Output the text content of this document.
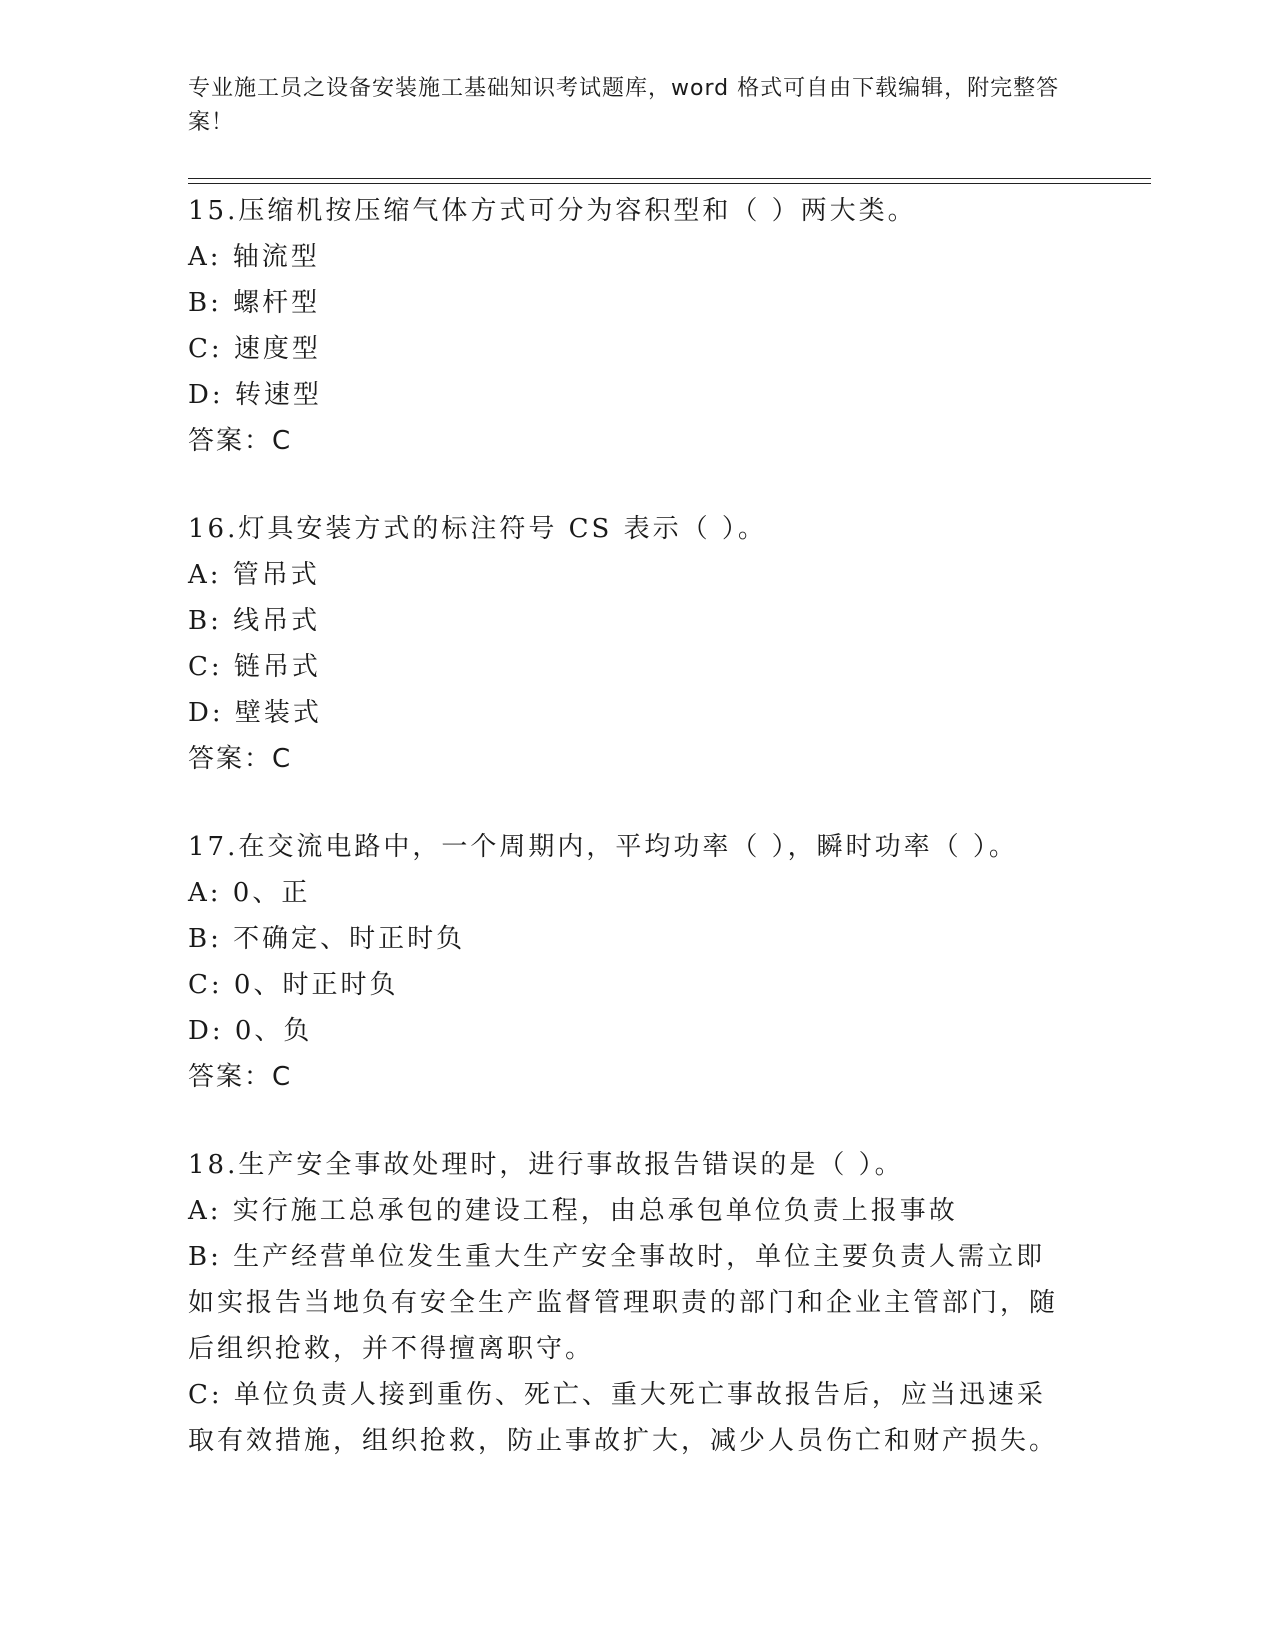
专业施工员之设备安装施工基础知识考试题库，word 格式可自由下载编辑，附完整答案！
15.压缩机按压缩气体方式可分为容积型和（ ）两大类。
A: 轴流型
B: 螺杆型
C: 速度型
D: 转速型
答案：C
16.灯具安装方式的标注符号 CS 表示（ ）。
A: 管吊式
B: 线吊式
C: 链吊式
D: 壁装式
答案：C
17.在交流电路中，一个周期内，平均功率（ ），瞬时功率（ ）。
A: 0、正
B: 不确定、时正时负
C: 0、时正时负
D: 0、负
答案：C
18.生产安全事故处理时，进行事故报告错误的是（ ）。
A: 实行施工总承包的建设工程，由总承包单位负责上报事故
B: 生产经营单位发生重大生产安全事故时，单位主要负责人需立即如实报告当地负有安全生产监督管理职责的部门和企业主管部门，随后组织抢救，并不得擅离职守。
C: 单位负责人接到重伤、死亡、重大死亡事故报告后，应当迅速采取有效措施，组织抢救，防止事故扩大，减少人员伤亡和财产损失。
